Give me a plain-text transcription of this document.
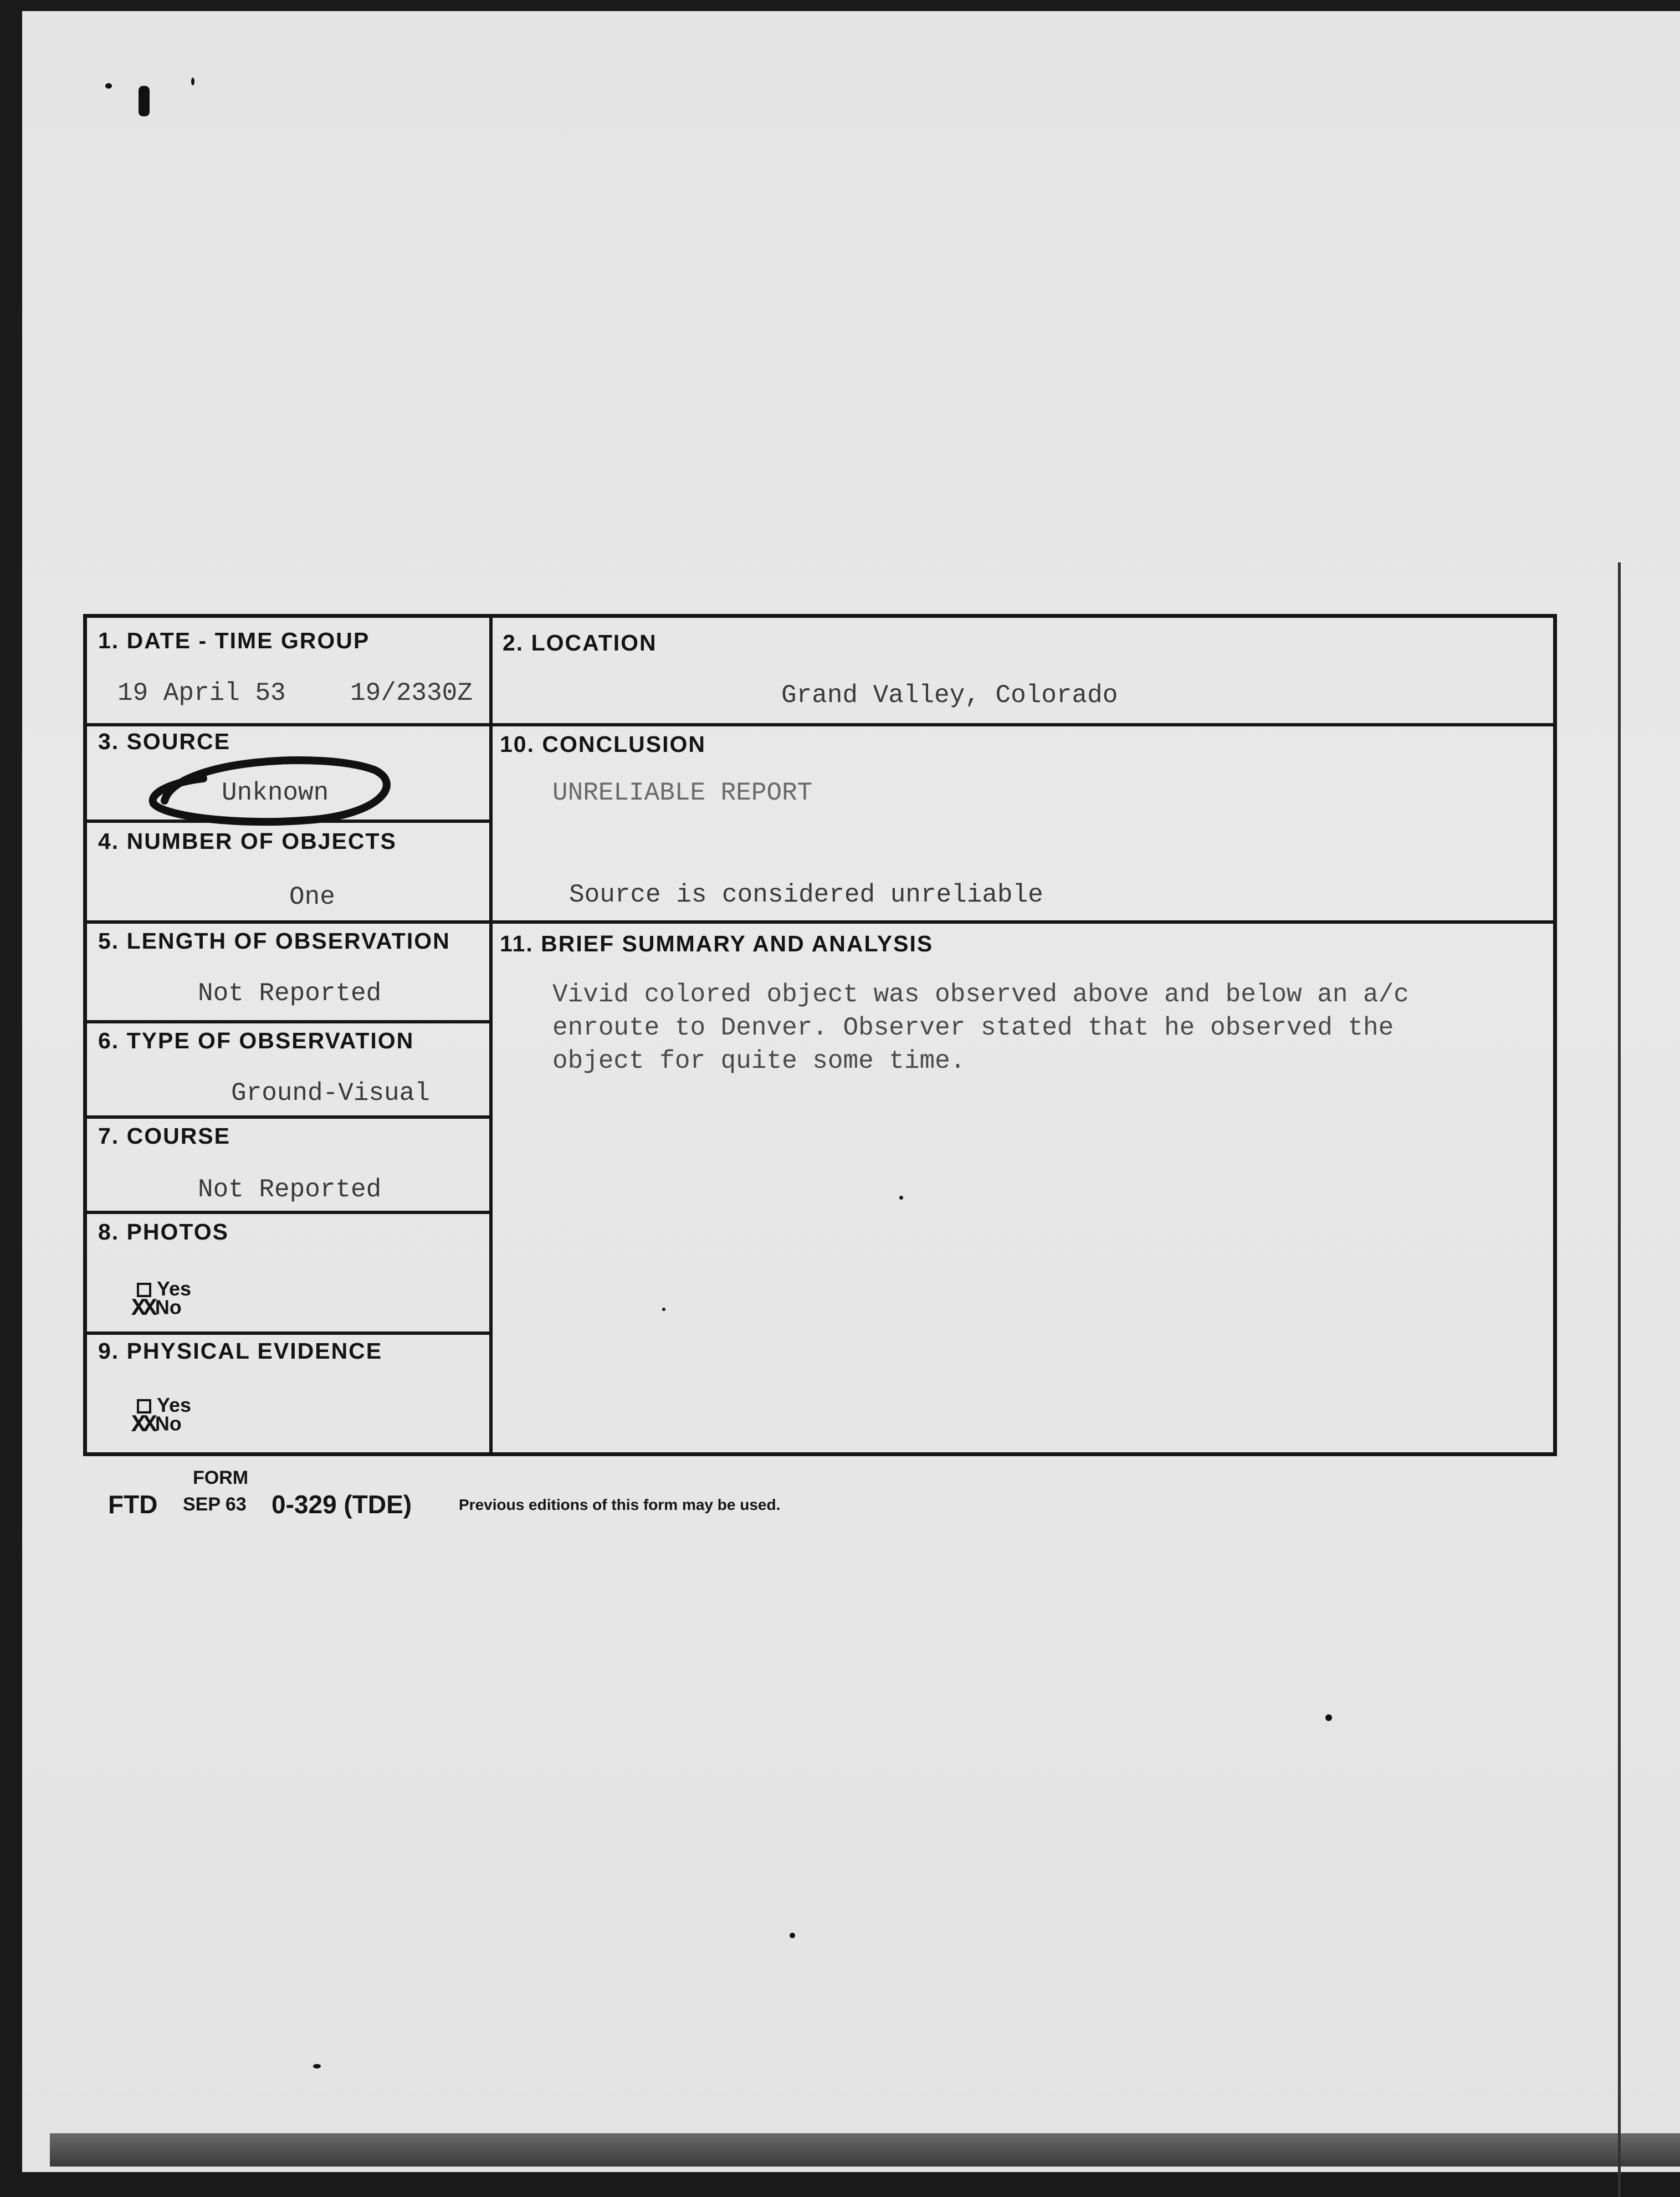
1. DATE - TIME GROUP
19 April 53	19/2330Z
2. LOCATION
Grand Valley, Colorado
3. SOURCE
Unknown
4. NUMBER OF OBJECTS
One
5. LENGTH OF OBSERVATION
Not Reported
6. TYPE OF OBSERVATION
Ground-Visual
7. COURSE
Not Reported
8. PHOTOS
Yes
XXNo
9. PHYSICAL EVIDENCE
Yes
XXNo
10. CONCLUSION
UNRELIABLE REPORT
Source is considered unreliable
11. BRIEF SUMMARY AND ANALYSIS
Vivid colored object was observed above and below an a/c
enroute to Denver. Observer stated that he observed the
object for quite some time.
FORM
FTD SEP 63 0-329 (TDE)	Previous editions of this form may be used.
